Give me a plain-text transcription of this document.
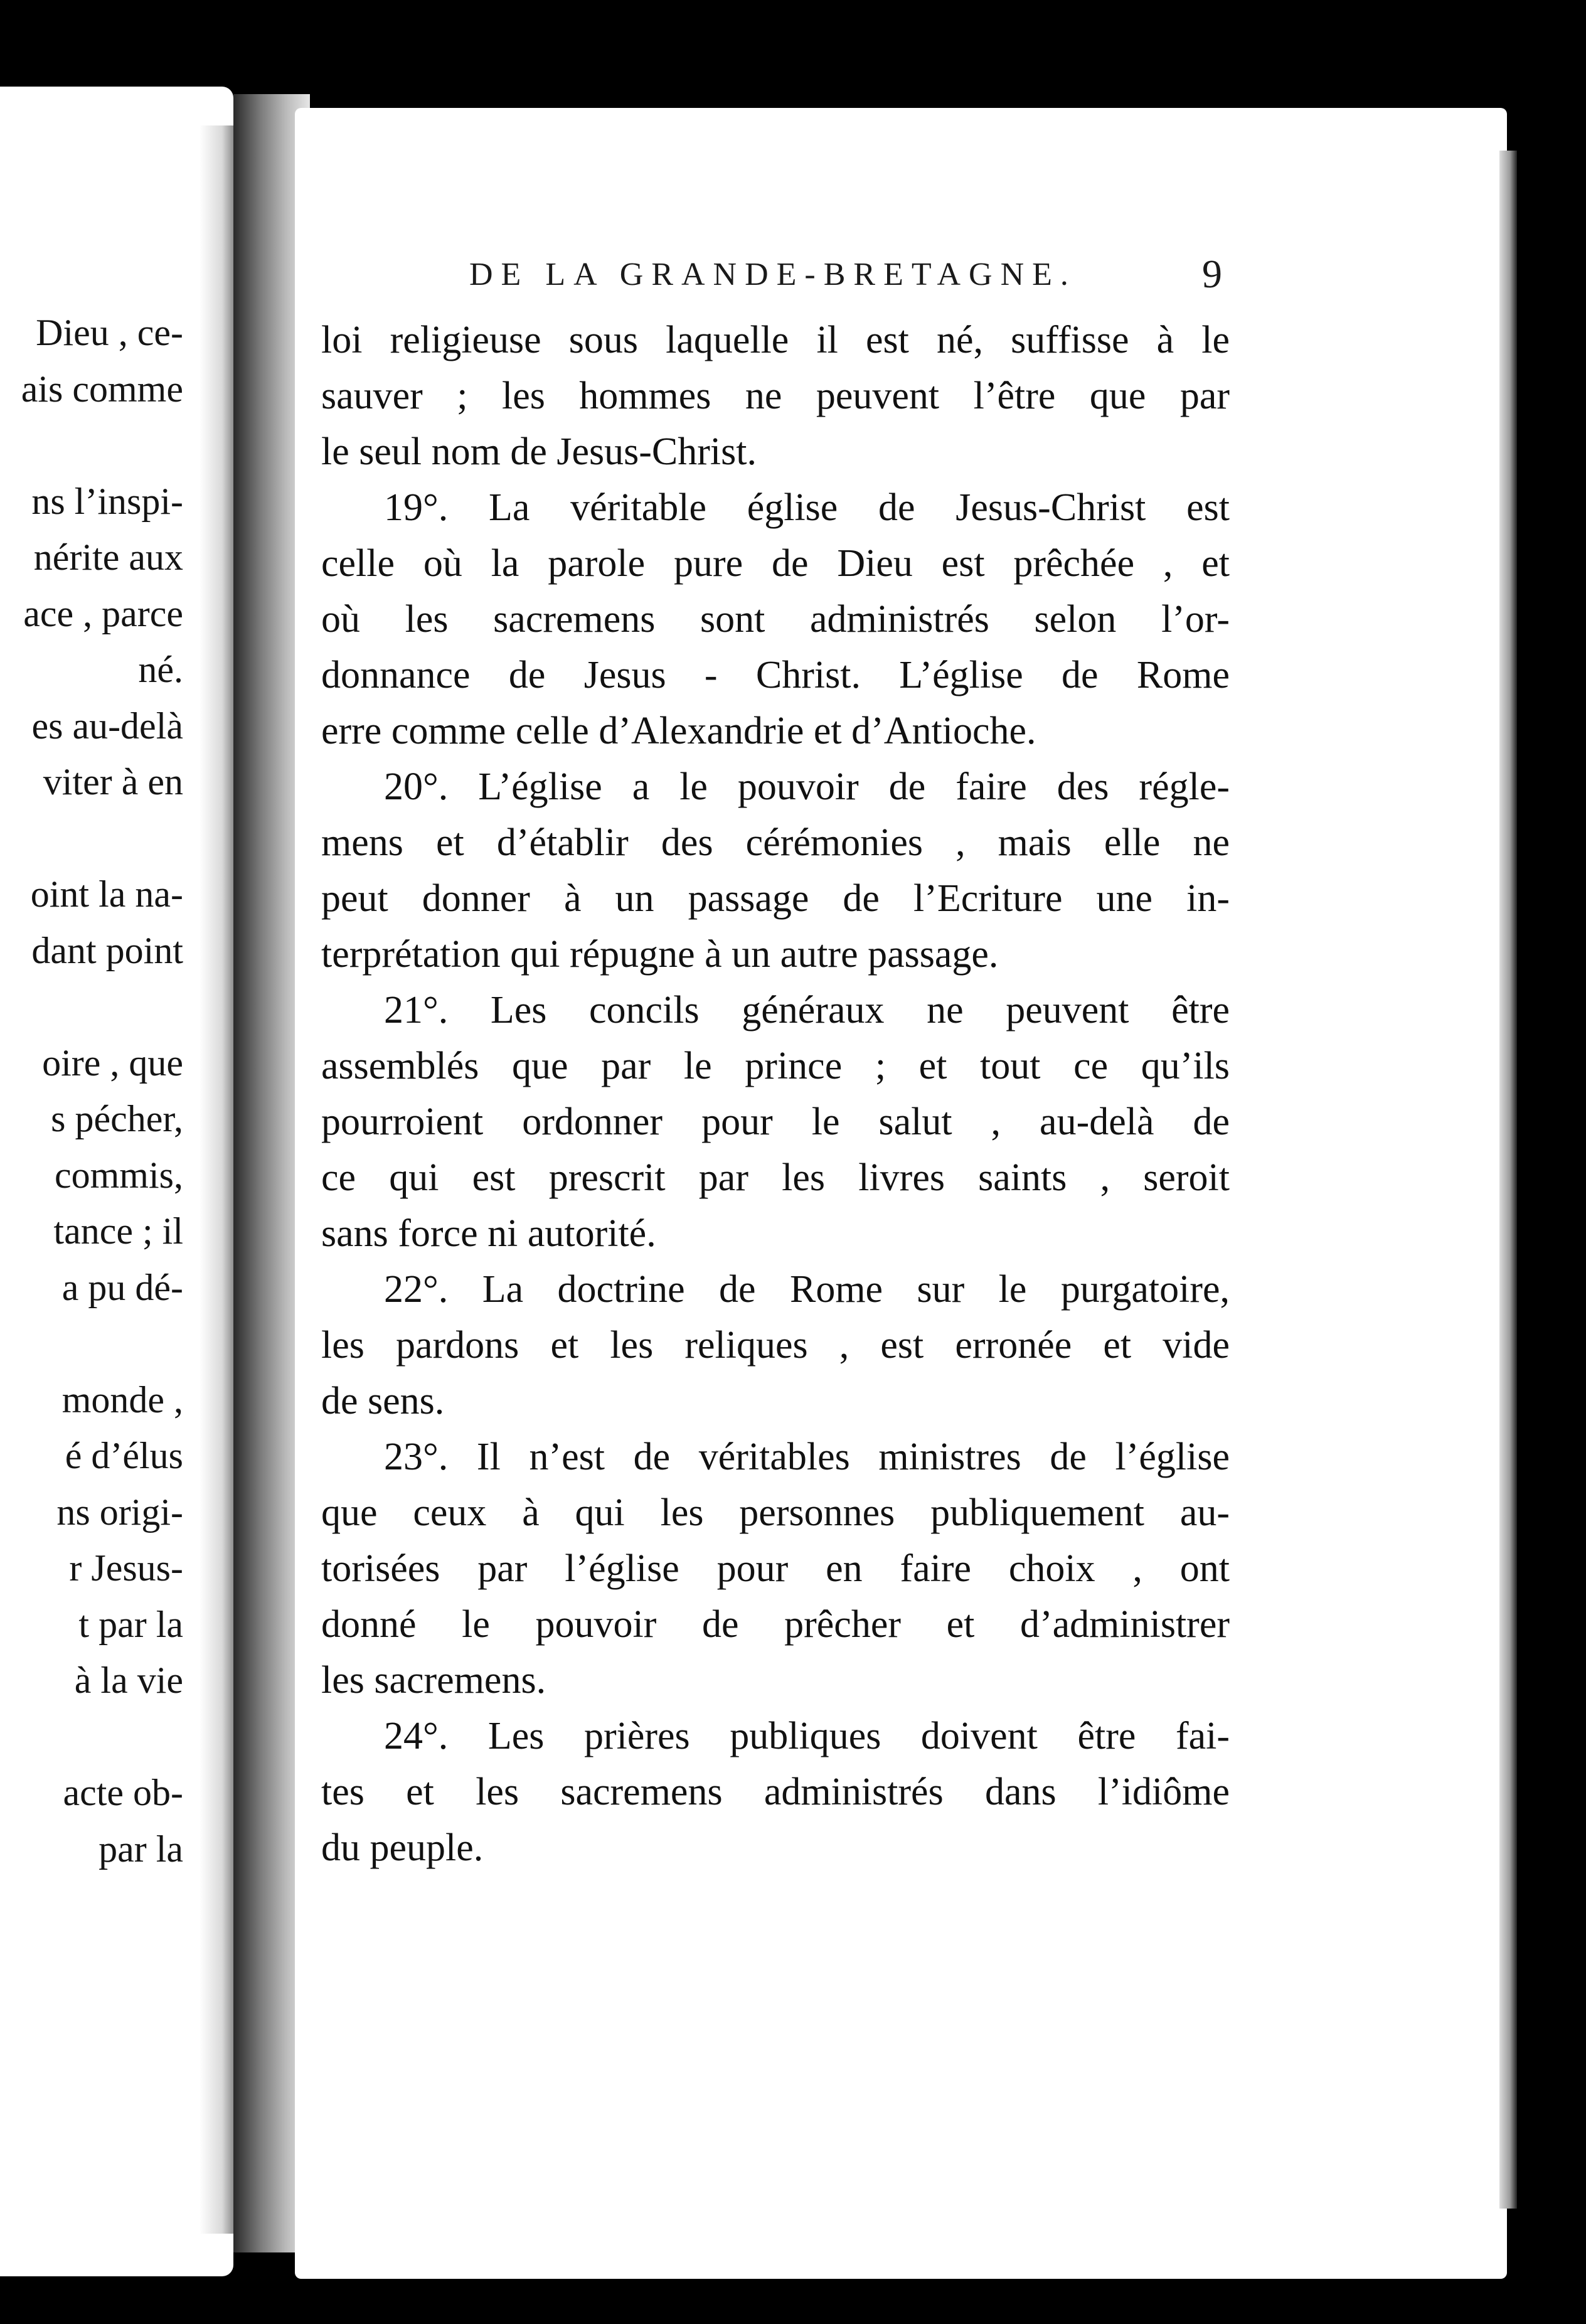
Dieu , ce-
ais comme
ns l’inspi-
nérite aux
ace , parce
né.
es au-delà
viter à en
oint la na-
dant point
oire , que
s pécher,
commis,
tance ; il
a pu dé-
monde ,
é d’élus
ns origi-
r Jesus-
t par la
à la vie
acte ob-
par la
DE LA GRANDE-BRETAGNE.	9
loi religieuse sous laquelle il est né, suffisse à le
sauver ; les hommes ne peuvent l’être que par
le seul nom de Jesus-Christ.
19°. La véritable église de Jesus-Christ est
celle où la parole pure de Dieu est prêchée , et
où les sacremens sont administrés selon l’or-
donnance de Jesus - Christ. L’église de Rome
erre comme celle d’Alexandrie et d’Antioche.
20°. L’église a le pouvoir de faire des régle-
mens et d’établir des cérémonies , mais elle ne
peut donner à un passage de l’Ecriture une in-
terprétation qui répugne à un autre passage.
21°. Les concils généraux ne peuvent être
assemblés que par le prince ; et tout ce qu’ils
pourroient ordonner pour le salut , au-delà de
ce qui est prescrit par les livres saints , seroit
sans force ni autorité.
22°. La doctrine de Rome sur le purgatoire,
les pardons et les reliques , est erronée et vide
de sens.
23°. Il n’est de véritables ministres de l’église
que ceux à qui les personnes publiquement au-
torisées par l’église pour en faire choix , ont
donné le pouvoir de prêcher et d’administrer
les sacremens.
24°. Les prières publiques doivent être fai-
tes et les sacremens administrés dans l’idiôme
du peuple.
